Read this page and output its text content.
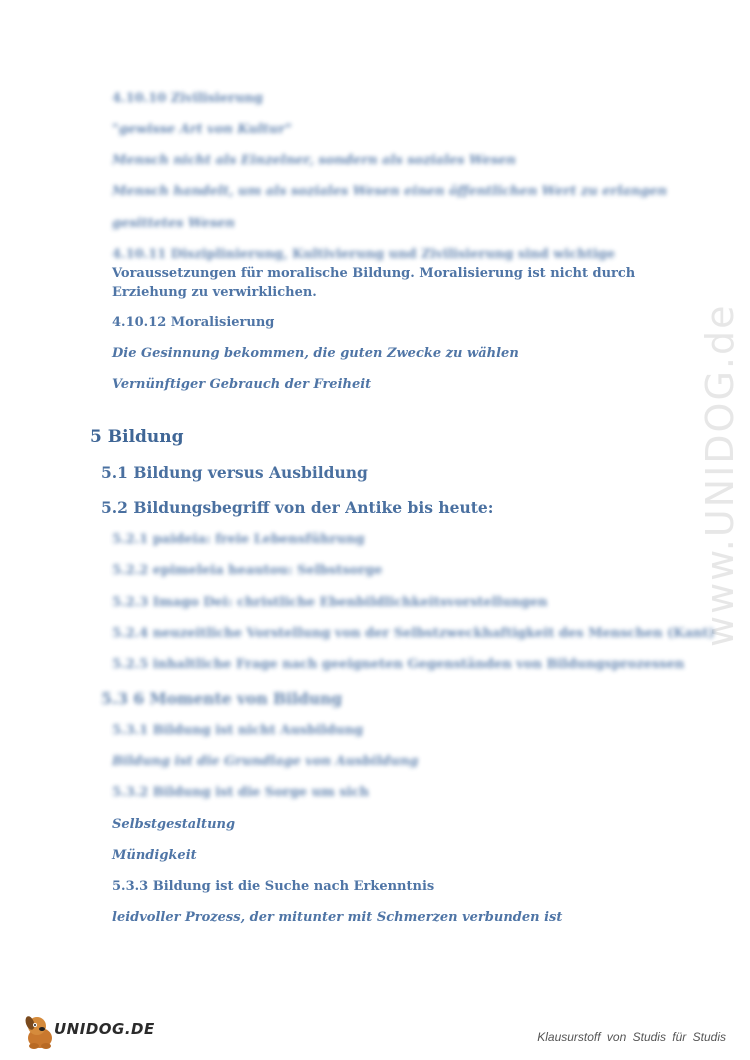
www.UNIDOG.de
4.10.10 Zivilisierung
"gewisse Art von Kultur"
Mensch nicht als Einzelner, sondern als soziales Wesen
Mensch handelt, um als soziales Wesen einen öffentlichen Wert zu erlangen
gesittetes Wesen
4.10.11 Disziplinierung, Kultivierung und Zivilisierung sind wichtige
Voraussetzungen für moralische Bildung. Moralisierung ist nicht durch Erziehung zu verwirklichen.
4.10.12 Moralisierung
Die Gesinnung bekommen, die guten Zwecke zu wählen
Vernünftiger Gebrauch der Freiheit
5 Bildung
5.1 Bildung versus Ausbildung
5.2 Bildungsbegriff von der Antike bis heute:
5.2.1 paideia: freie Lebensführung
5.2.2 epimeleia heautou: Selbstsorge
5.2.3 Imago Dei: christliche Ebenbildlichkeitsvorstellungen
5.2.4 neuzeitliche Vorstellung von der Selbstzweckhaftigkeit des Menschen (Kant)
5.2.5 inhaltliche Frage nach geeigneten Gegenständen von Bildungsprozessen
5.3 6 Momente von Bildung
5.3.1 Bildung ist nicht Ausbildung
Bildung ist die Grundlage von Ausbildung
5.3.2 Bildung ist die Sorge um sich
Selbstgestaltung
Mündigkeit
5.3.3 Bildung ist die Suche nach Erkenntnis
leidvoller Prozess, der mitunter mit Schmerzen verbunden ist
UNIDOG.DE	Klausurstoff von Studis für Studis
